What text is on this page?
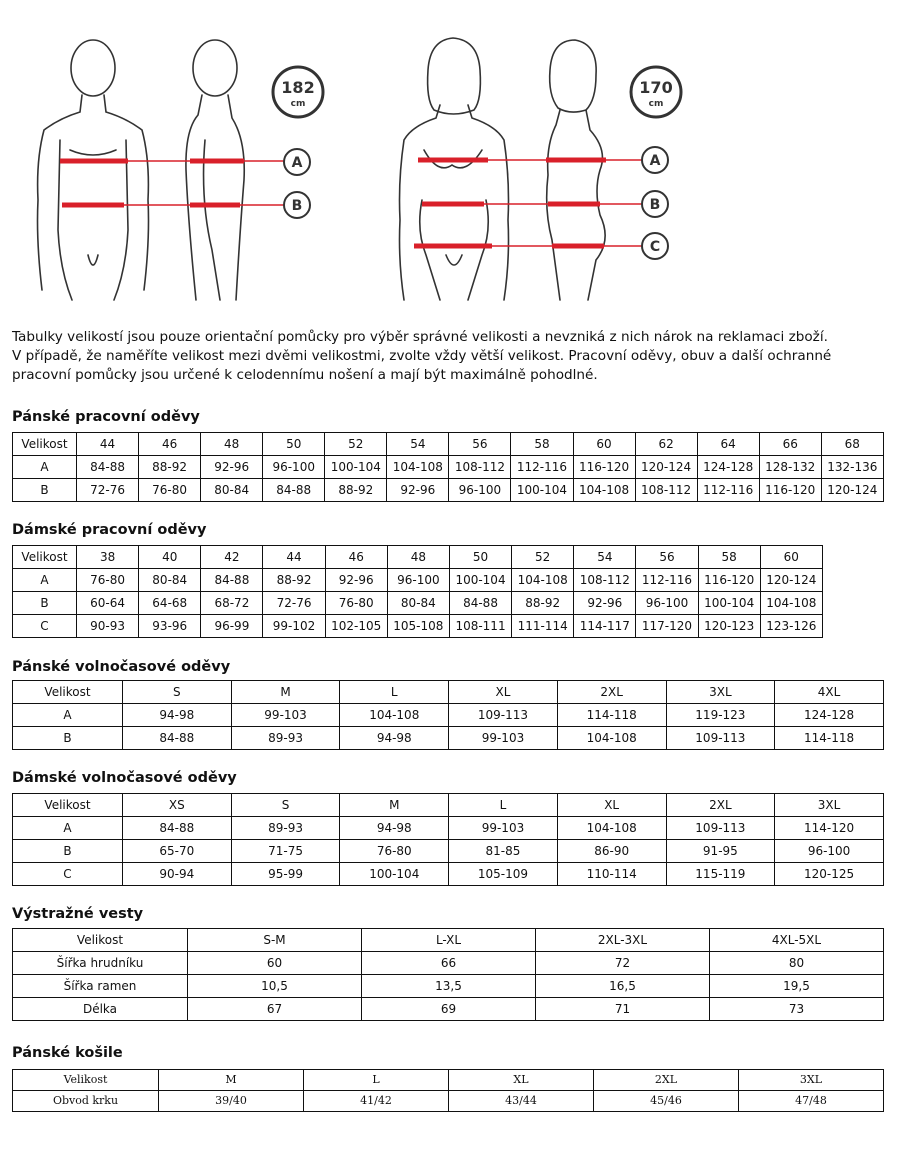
A
B
A
B
C
182
cm
170
cm

Tabulky velikostí jsou pouze orientační pomůcky pro výběr správné velikosti a nevzniká z nich nárok na reklamaci zboží.

V případě, že naměříte velikost mezi dvěmi velikostmi, zvolte vždy větší velikost. Pracovní oděvy, obuv a další ochranné

pracovní pomůcky jsou určené k celodennímu nošení a mají být maximálně pohodlné.

Pánské pracovní oděvy
Dámské pracovní oděvy
Pánské volnočasové oděvy
Dámské volnočasové oděvy
Výstražné vesty
Pánské košile
Velikost	44	46	48	50	52	54	56	58	60	62	64	66	68
A	84-88	88-92	92-96	96-100	100-104	104-108	108-112	112-116	116-120	120-124	124-128	128-132	132-136
B	72-76	76-80	80-84	84-88	88-92	92-96	96-100	100-104	104-108	108-112	112-116	116-120	120-124
Velikost	38	40	42	44	46	48	50	52	54	56	58	60
A	76-80	80-84	84-88	88-92	92-96	96-100	100-104	104-108	108-112	112-116	116-120	120-124
B	60-64	64-68	68-72	72-76	76-80	80-84	84-88	88-92	92-96	96-100	100-104	104-108
C	90-93	93-96	96-99	99-102	102-105	105-108	108-111	111-114	114-117	117-120	120-123	123-126
Velikost	S	M	L	XL	2XL	3XL	4XL
A	94-98	99-103	104-108	109-113	114-118	119-123	124-128
B	84-88	89-93	94-98	99-103	104-108	109-113	114-118
Velikost	XS	S	M	L	XL	2XL	3XL
A	84-88	89-93	94-98	99-103	104-108	109-113	114-120
B	65-70	71-75	76-80	81-85	86-90	91-95	96-100
C	90-94	95-99	100-104	105-109	110-114	115-119	120-125
Velikost	S-M	L-XL	2XL-3XL	4XL-5XL
Šířka hrudníku	60	66	72	80
Šířka ramen	10,5	13,5	16,5	19,5
Délka	67	69	71	73
Velikost	M	L	XL	2XL	3XL
Obvod krku	39/40	41/42	43/44	45/46	47/48
